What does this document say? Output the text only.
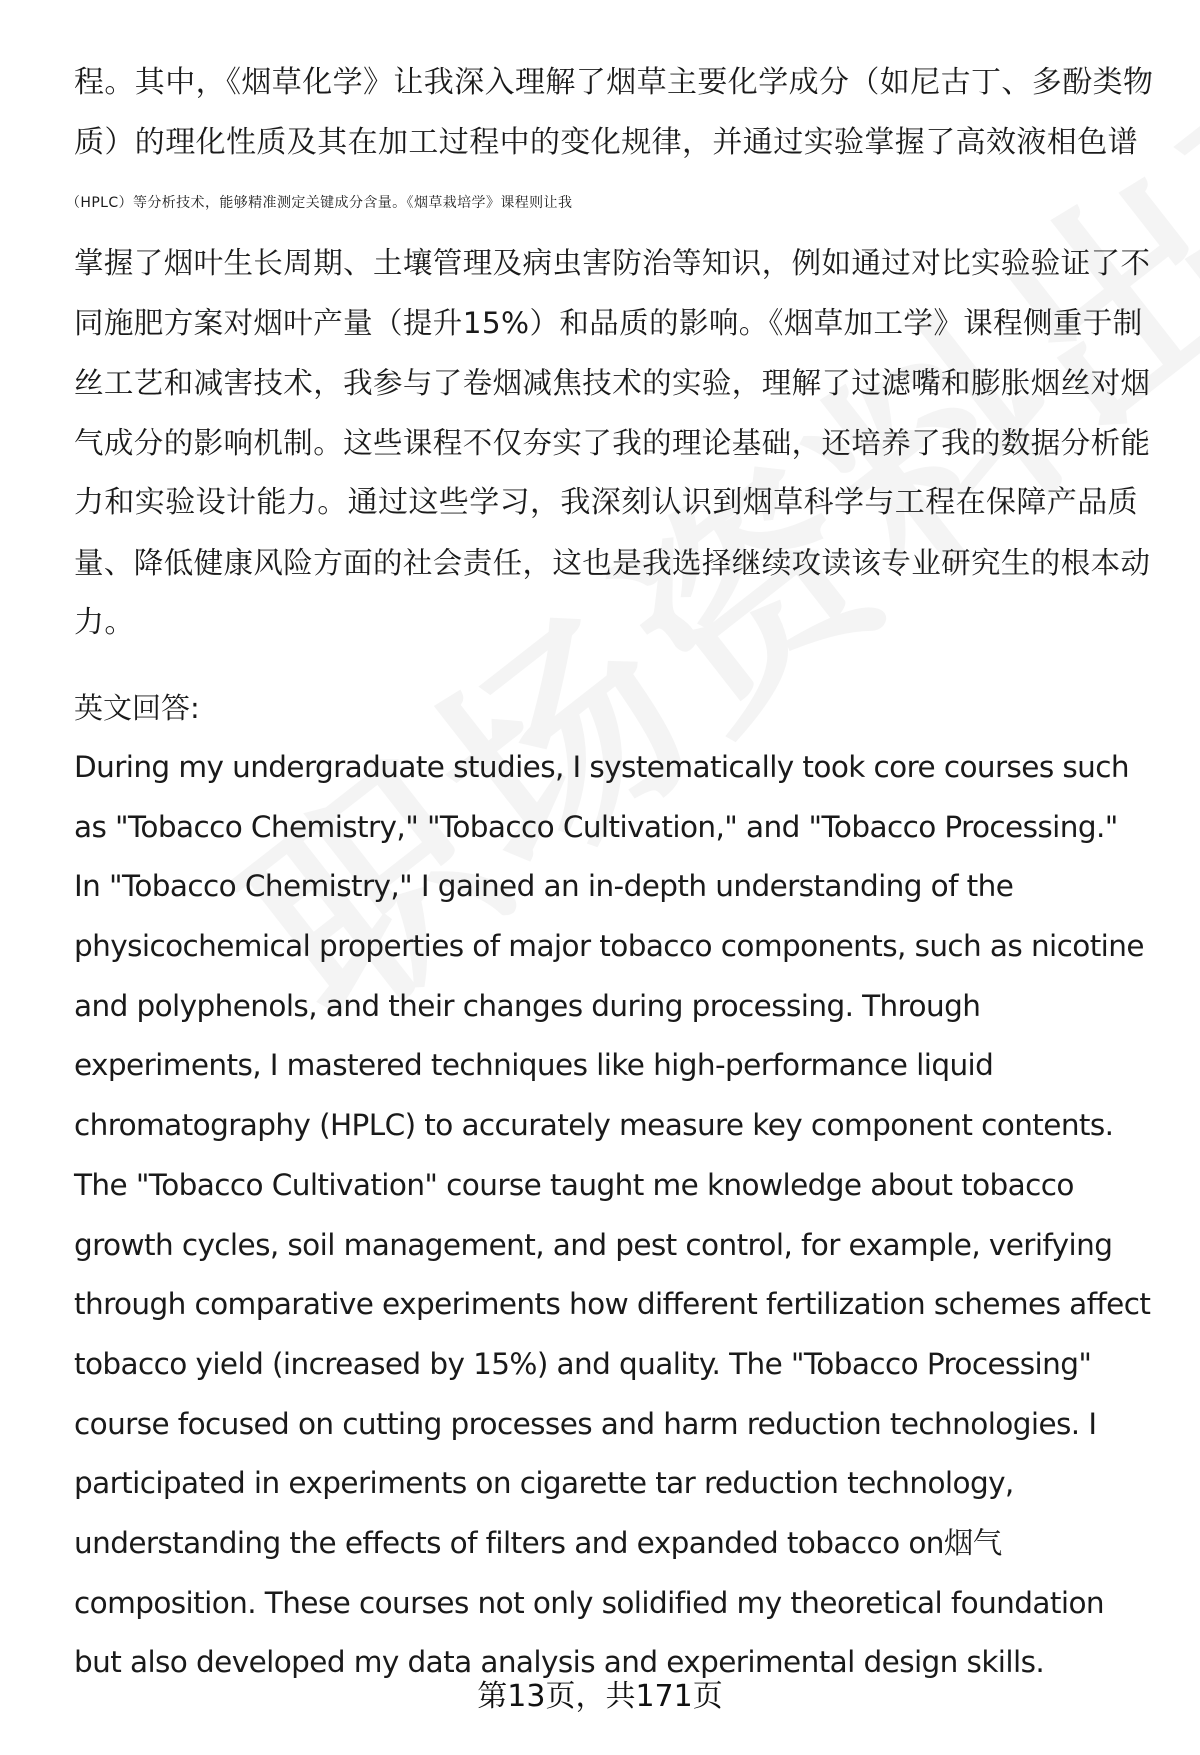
程。其中，《烟草化学》让我深入理解了烟草主要化学成分（如尼古丁、多酚类物
质）的理化性质及其在加工过程中的变化规律，并通过实验掌握了高效液相色谱
（HPLC）等分析技术，能够精准测定关键成分含量。《烟草栽培学》课程则让我
掌握了烟叶生长周期、土壤管理及病虫害防治等知识，例如通过对比实验验证了不
同施肥方案对烟叶产量（提升15%）和品质的影响。《烟草加工学》课程侧重于制
丝工艺和减害技术，我参与了卷烟减焦技术的实验，理解了过滤嘴和膨胀烟丝对烟
气成分的影响机制。这些课程不仅夯实了我的理论基础，还培养了我的数据分析能
力和实验设计能力。通过这些学习，我深刻认识到烟草科学与工程在保障产品质
量、降低健康风险方面的社会责任，这也是我选择继续攻读该专业研究生的根本动
力。
英文回答:
During my undergraduate studies, I systematically took core courses such
as "Tobacco Chemistry," "Tobacco Cultivation," and "Tobacco Processing."
In "Tobacco Chemistry," I gained an in-depth understanding of the
physicochemical properties of major tobacco components, such as nicotine
and polyphenols, and their changes during processing. Through
experiments, I mastered techniques like high-performance liquid
chromatography (HPLC) to accurately measure key component contents.
The "Tobacco Cultivation" course taught me knowledge about tobacco
growth cycles, soil management, and pest control, for example, verifying
through comparative experiments how different fertilization schemes affect
tobacco yield (increased by 15%) and quality. The "Tobacco Processing"
course focused on cutting processes and harm reduction technologies. I
participated in experiments on cigarette tar reduction technology,
understanding the effects of filters and expanded tobacco on烟气
composition. These courses not only solidified my theoretical foundation
but also developed my data analysis and experimental design skills.
第13页，共171页
